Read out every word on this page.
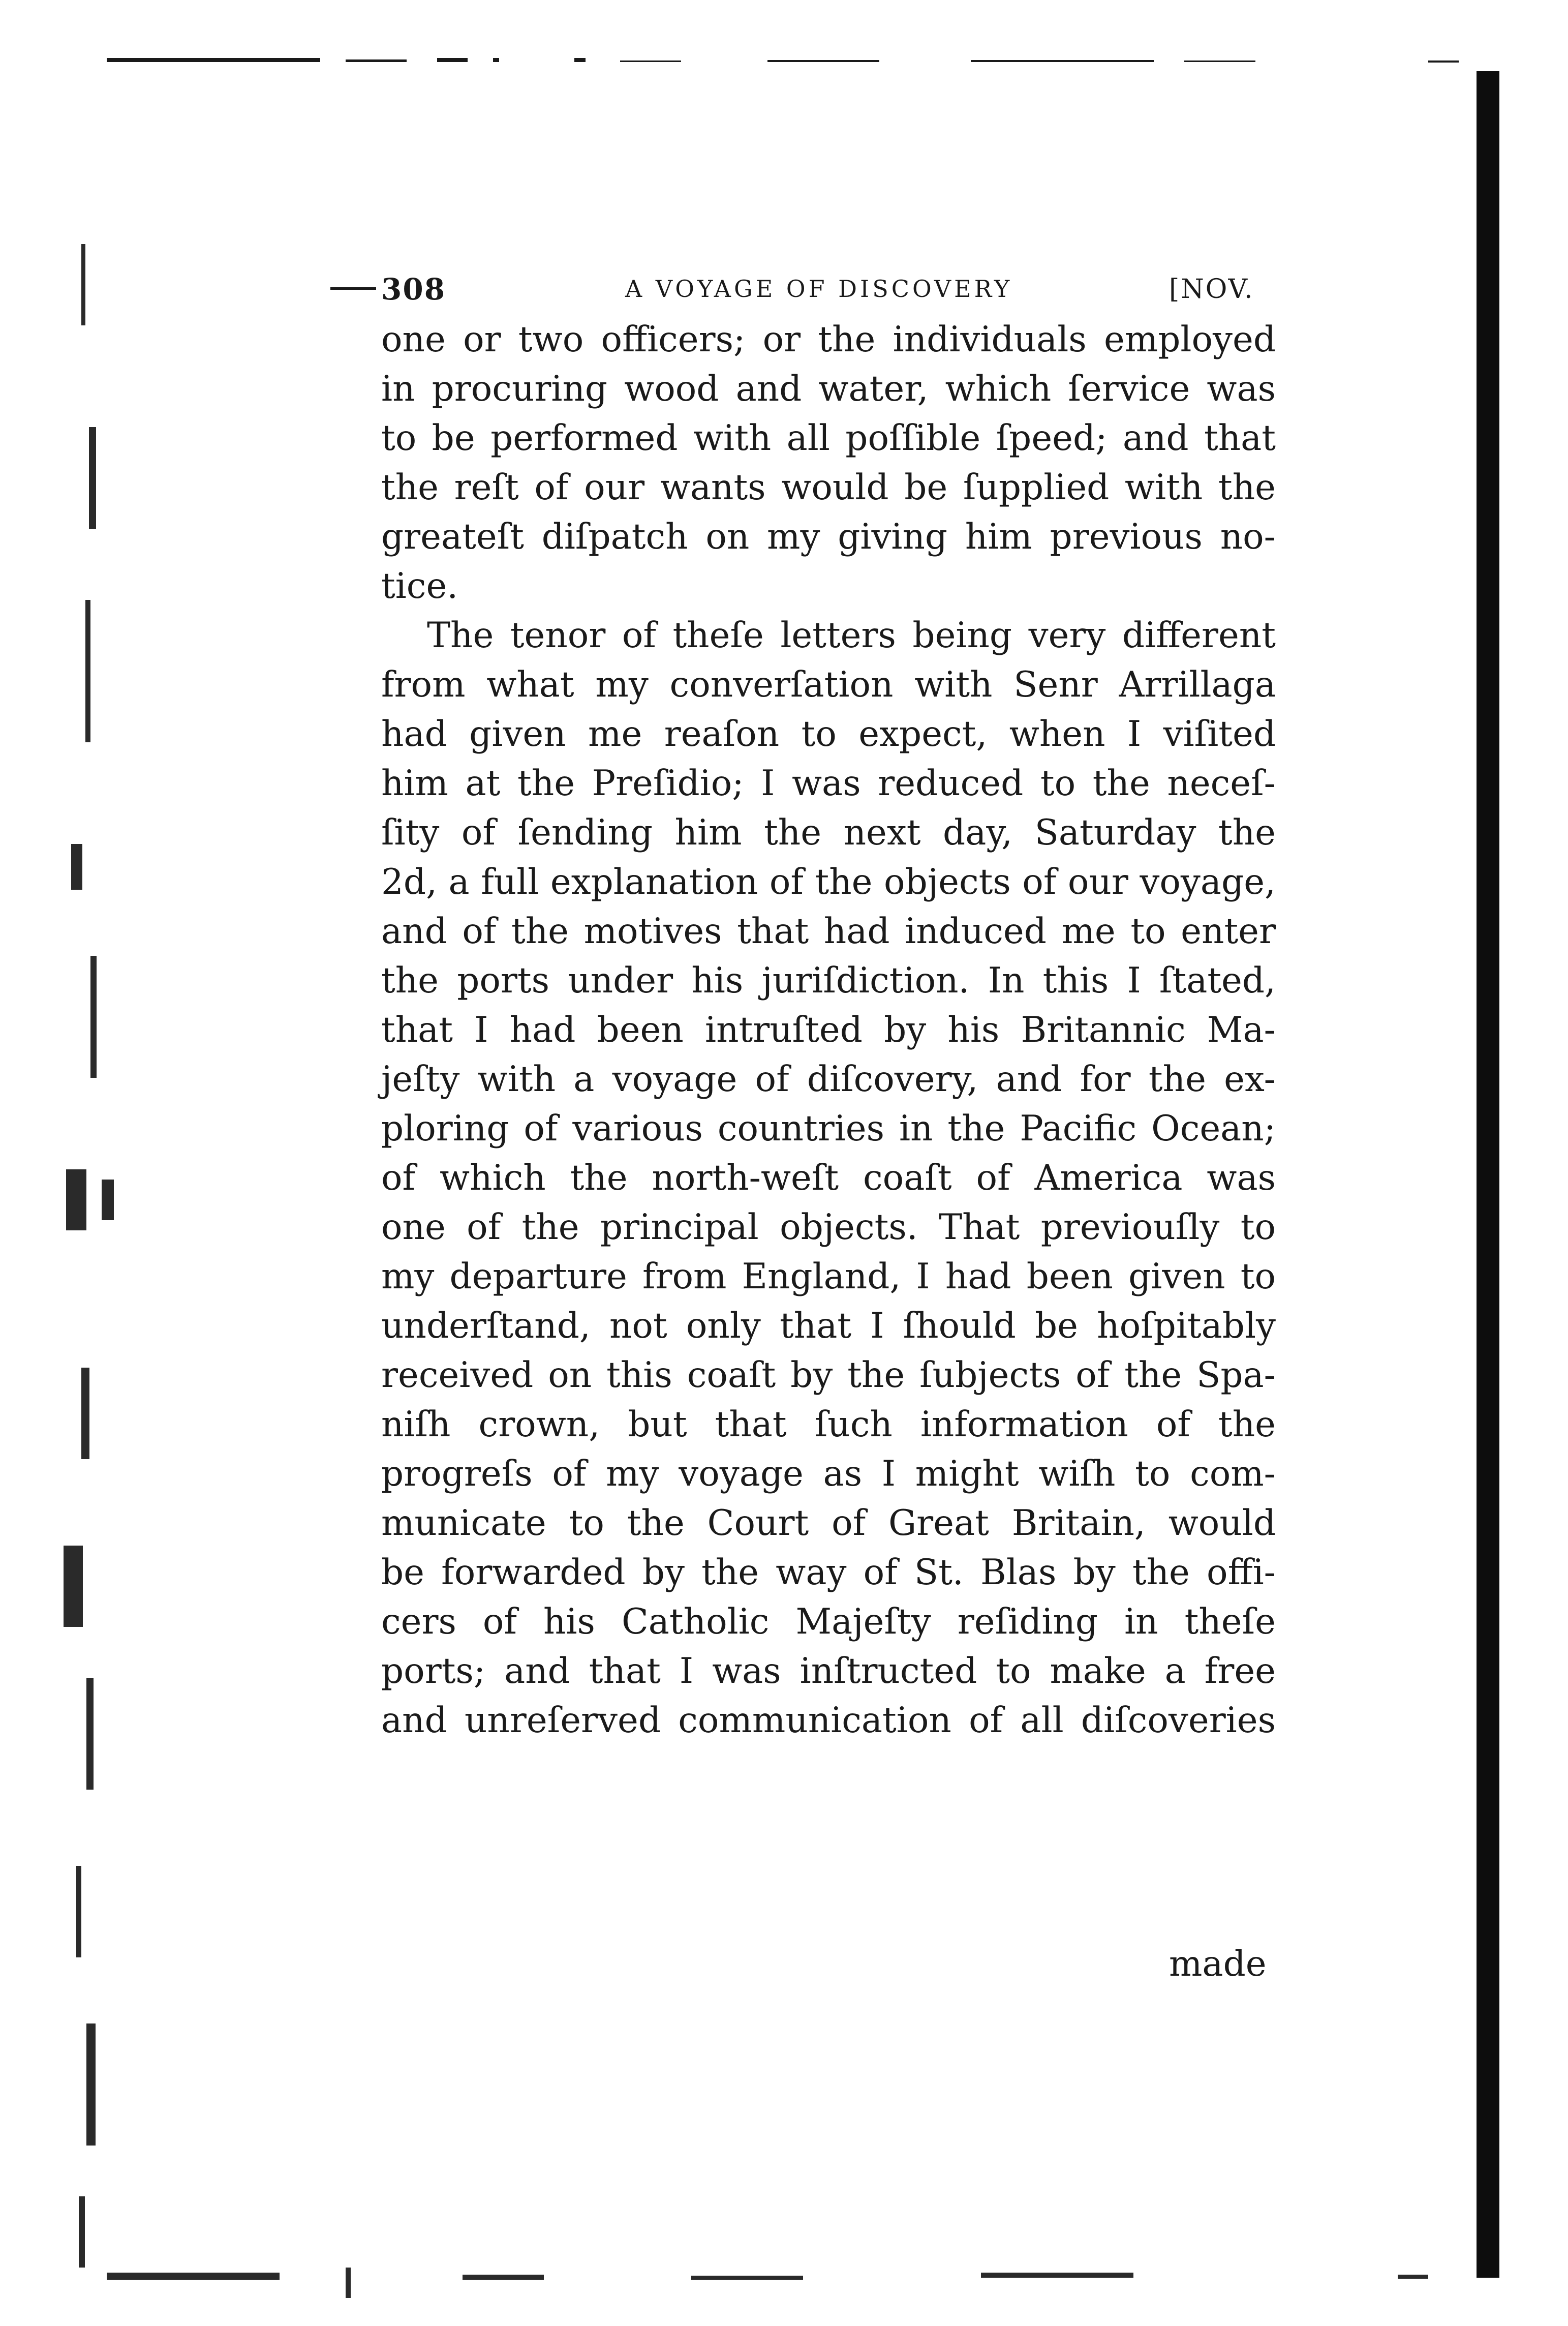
308	A VOYAGE OF DISCOVERY	[NOV.
one or two officers; or the individuals employed
in procuring wood and water, which ſervice was
to be performed with all poſſible ſpeed; and that
the reſt of our wants would be ſupplied with the
greateſt diſpatch on my giving him previous no-
tice.
The tenor of theſe letters being very different
from what my converſation with Senr Arrillaga
had given me reaſon to expect, when I viſited
him at the Preſidio; I was reduced to the neceſ-
ſity of ſending him the next day, Saturday the
2d, a full explanation of the objects of our voyage,
and of the motives that had induced me to enter
the ports under his juriſdiction. In this I ſtated,
that I had been intruſted by his Britannic Ma-
jeſty with a voyage of diſcovery, and for the ex-
ploring of various countries in the Pacific Ocean;
of which the north-weſt coaſt of America was
one of the principal objects. That previouſly to
my departure from England, I had been given to
underſtand, not only that I ſhould be hoſpitably
received on this coaſt by the ſubjects of the Spa-
niſh crown, but that ſuch information of the
progreſs of my voyage as I might wiſh to com-
municate to the Court of Great Britain, would
be forwarded by the way of St. Blas by the offi-
cers of his Catholic Majeſty reſiding in theſe
ports; and that I was inſtructed to make a free
and unreſerved communication of all diſcoveries
made
